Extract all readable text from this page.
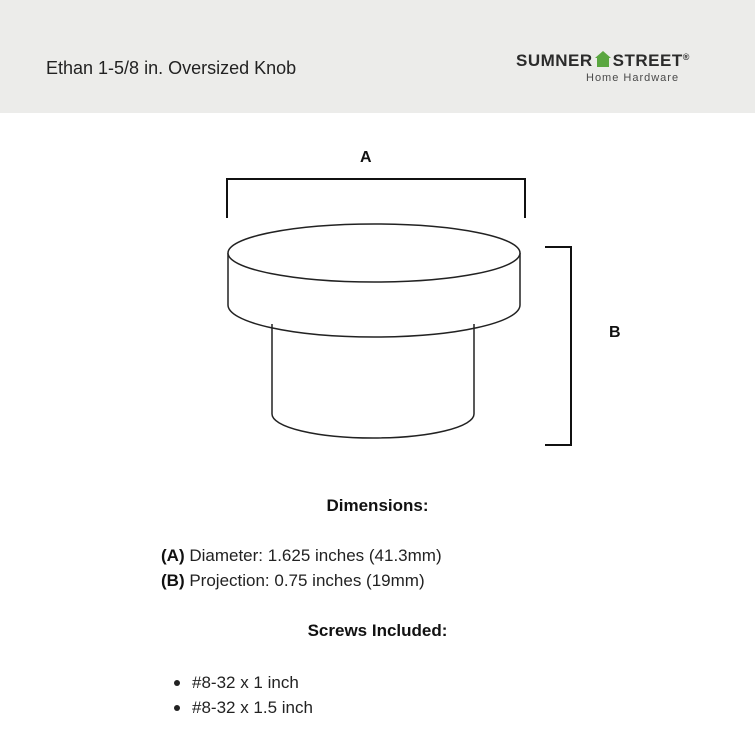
Ethan 1-5/8 in. Oversized Knob	SUMNER STREET®
Home Hardware
A
B
Dimensions:
(A) Diameter: 1.625 inches (41.3mm)
(B) Projection: 0.75 inches (19mm)
Screws Included:
#8-32 x 1 inch
#8-32 x 1.5 inch
